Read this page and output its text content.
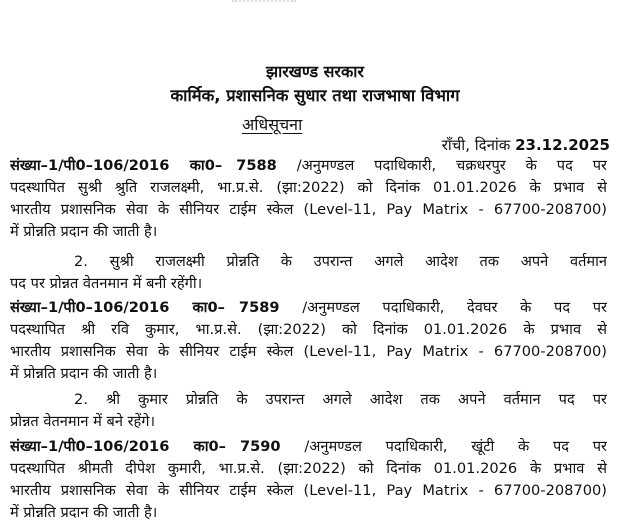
झारखण्ड सरकार
कार्मिक, प्रशासनिक सुधार तथा राजभाषा विभाग
अधिसूचना
राँची, दिनांक 23.12.2025
संख्या–1/पी0–106/2016 का0– 7588 /अनुमण्डल पदाधिकारी, चक्रधरपुर के पद पर
पदस्थापित सुश्री श्रुति राजलक्ष्मी, भा.प्र.से. (झा:2022) को दिनांक 01.01.2026 के प्रभाव से
भारतीय प्रशासनिक सेवा के सीनियर टाईम स्केल (Level-11, Pay Matrix - 67700-208700)
में प्रोन्नति प्रदान की जाती है।
2. सुश्री राजलक्ष्मी प्रोन्नति के उपरान्त अगले आदेश तक अपने वर्तमान
पद पर प्रोन्नत वेतनमान में बनी रहेंगी।
संख्या–1/पी0–106/2016 का0– 7589 /अनुमण्डल पदाधिकारी, देवघर के पद पर
पदस्थापित श्री रवि कुमार, भा.प्र.से. (झा:2022) को दिनांक 01.01.2026 के प्रभाव से
भारतीय प्रशासनिक सेवा के सीनियर टाईम स्केल (Level-11, Pay Matrix - 67700-208700)
में प्रोन्नति प्रदान की जाती है।
2. श्री कुमार प्रोन्नति के उपरान्त अगले आदेश तक अपने वर्तमान पद पर
प्रोन्नत वेतनमान में बने रहेंगे।
संख्या–1/पी0–106/2016 का0– 7590 /अनुमण्डल पदाधिकारी, खूंटी के पद पर
पदस्थापित श्रीमती दीपेश कुमारी, भा.प्र.से. (झा:2022) को दिनांक 01.01.2026 के प्रभाव से
भारतीय प्रशासनिक सेवा के सीनियर टाईम स्केल (Level-11, Pay Matrix - 67700-208700)
में प्रोन्नति प्रदान की जाती है।
